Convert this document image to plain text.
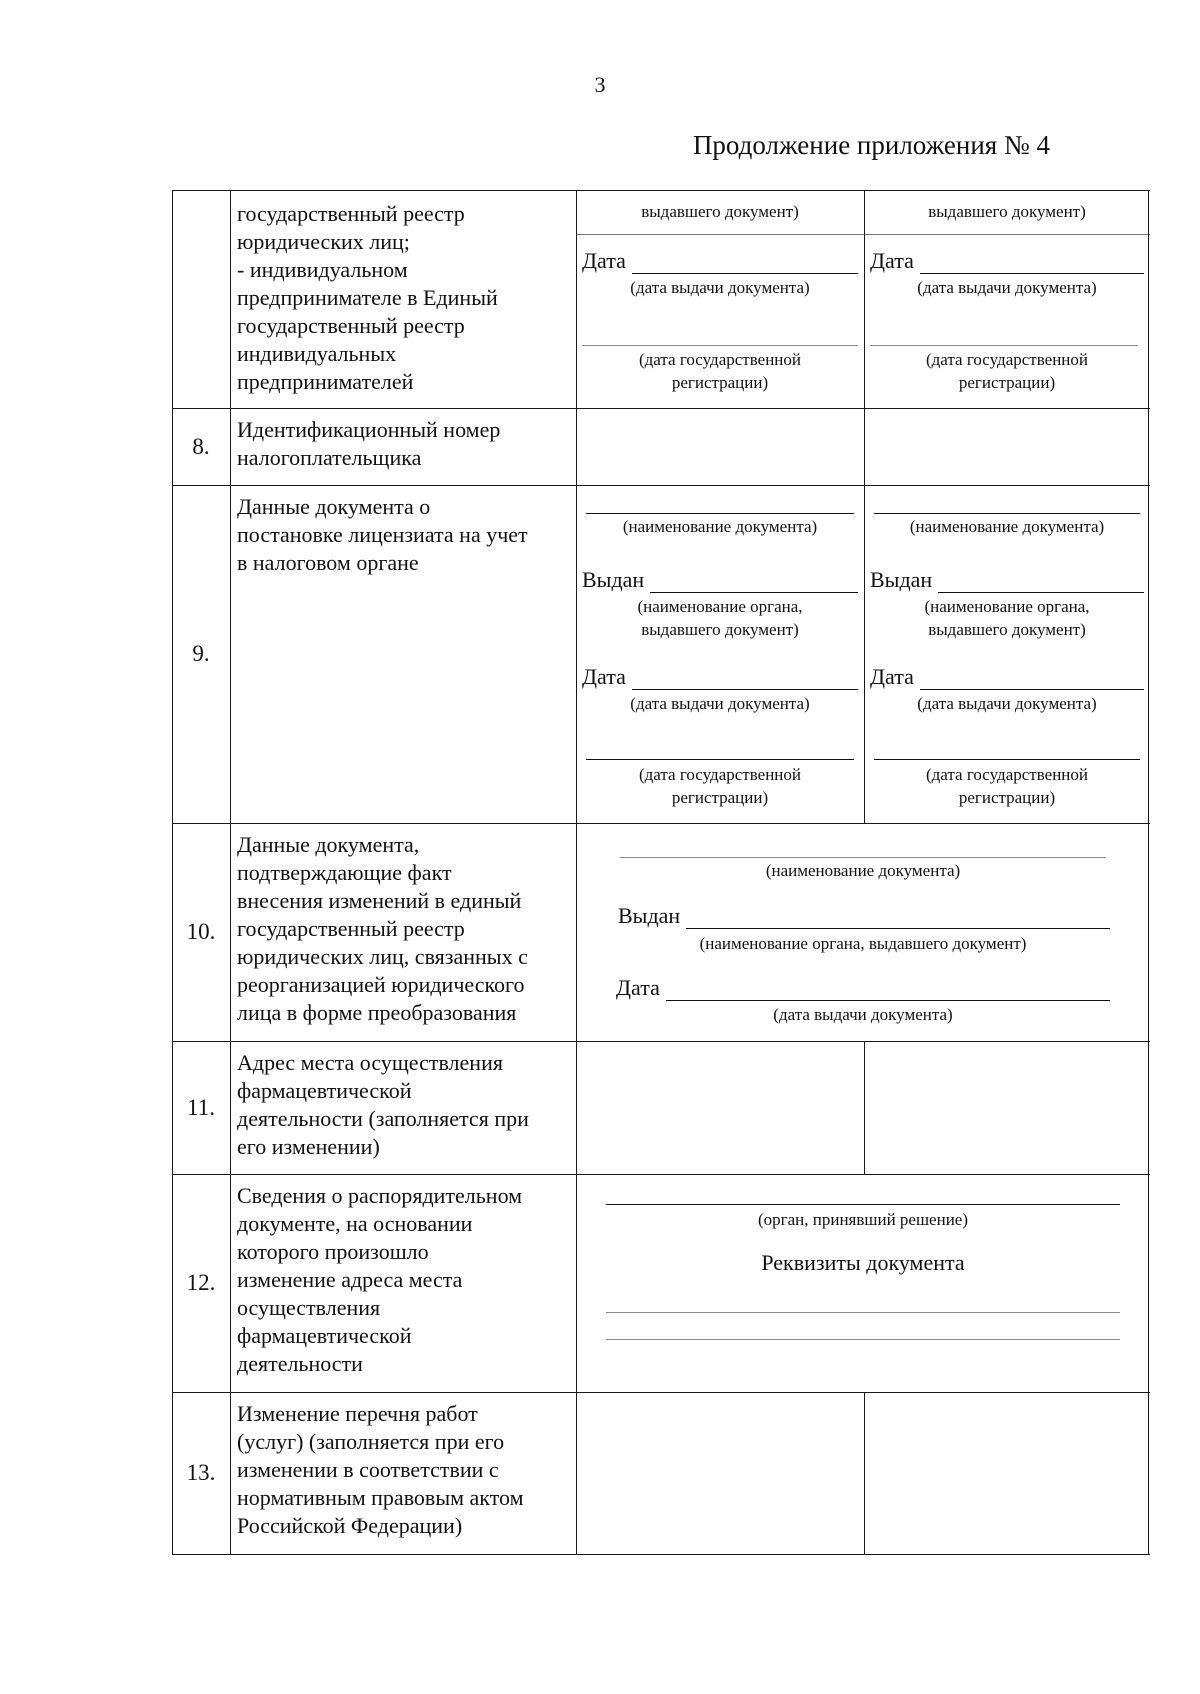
3
Продолжение приложения № 4
государственный реестр
юридических лиц;
- индивидуальном
предпринимателе в Единый
государственный реестр
индивидуальных
предпринимателей
выдавшего документ)
Дата
(дата выдачи документа)
(дата государственной
регистрации)
выдавшего документ)
Дата
(дата выдачи документа)
(дата государственной
регистрации)
8.
Идентификационный номер
налогоплательщика
9.
Данные документа о
постановке лицензиата на учет
в налоговом органе
(наименование документа)
Выдан
(наименование органа,
выдавшего документ)
Дата
(дата выдачи документа)
(дата государственной
регистрации)
(наименование документа)
Выдан
(наименование органа,
выдавшего документ)
Дата
(дата выдачи документа)
(дата государственной
регистрации)
10.
Данные документа,
подтверждающие факт
внесения изменений в единый
государственный реестр
юридических лиц, связанных с
реорганизацией юридического
лица в форме преобразования
(наименование документа)
Выдан
(наименование органа, выдавшего документ)
Дата
(дата выдачи документа)
11.
Адрес места осуществления
фармацевтической
деятельности (заполняется при
его изменении)
12.
Сведения о распорядительном
документе, на основании
которого произошло
изменение адреса места
осуществления
фармацевтической
деятельности
(орган, принявший решение)
Реквизиты документа
13.
Изменение перечня работ
(услуг) (заполняется при его
изменении в соответствии с
нормативным правовым актом
Российской Федерации)
